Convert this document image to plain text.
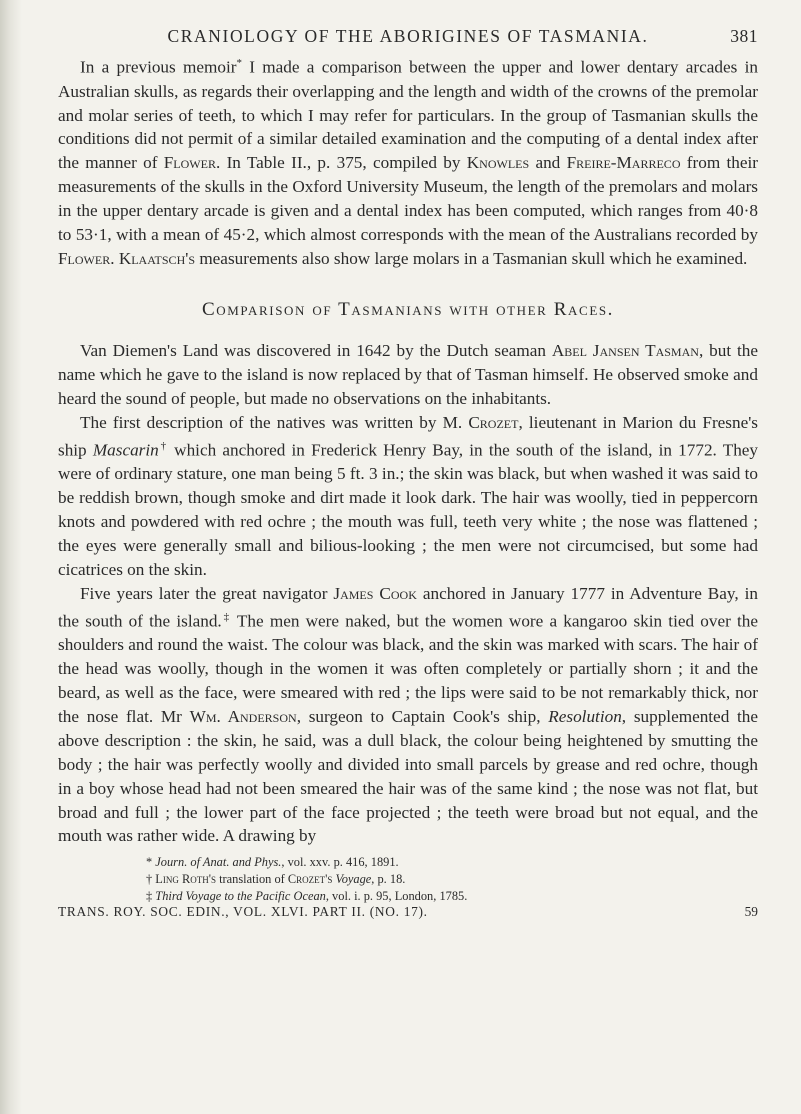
CRANIOLOGY OF THE ABORIGINES OF TASMANIA.	381

In a previous memoir* I made a comparison between the upper and lower dentary arcades in Australian skulls, as regards their overlapping and the length and width of the crowns of the premolar and molar series of teeth, to which I may refer for particulars. In the group of Tasmanian skulls the conditions did not permit of a similar detailed examination and the computing of a dental index after the manner of Flower. In Table II., p. 375, compiled by Knowles and Freire-Marreco from their measurements of the skulls in the Oxford University Museum, the length of the premolars and molars in the upper dentary arcade is given and a dental index has been computed, which ranges from 40·8 to 53·1, with a mean of 45·2, which almost corresponds with the mean of the Australians recorded by Flower. Klaatsch's measurements also show large molars in a Tasmanian skull which he examined.

Comparison of Tasmanians with other Races.

Van Diemen's Land was discovered in 1642 by the Dutch seaman Abel Jansen Tasman, but the name which he gave to the island is now replaced by that of Tasman himself. He observed smoke and heard the sound of people, but made no observations on the inhabitants.

The first description of the natives was written by M. Crozet, lieutenant in Marion du Fresne's ship Mascarin† which anchored in Frederick Henry Bay, in the south of the island, in 1772. They were of ordinary stature, one man being 5 ft. 3 in.; the skin was black, but when washed it was said to be reddish brown, though smoke and dirt made it look dark. The hair was woolly, tied in peppercorn knots and powdered with red ochre ; the mouth was full, teeth very white ; the nose was flattened ; the eyes were generally small and bilious-looking ; the men were not circumcised, but some had cicatrices on the skin.

Five years later the great navigator James Cook anchored in January 1777 in Adventure Bay, in the south of the island.‡ The men were naked, but the women wore a kangaroo skin tied over the shoulders and round the waist. The colour was black, and the skin was marked with scars. The hair of the head was woolly, though in the women it was often completely or partially shorn ; it and the beard, as well as the face, were smeared with red ; the lips were said to be not remarkably thick, nor the nose flat. Mr Wm. Anderson, surgeon to Captain Cook's ship, Resolution, supplemented the above description : the skin, he said, was a dull black, the colour being heightened by smutting the body ; the hair was perfectly woolly and divided into small parcels by grease and red ochre, though in a boy whose head had not been smeared the hair was of the same kind ; the nose was not flat, but broad and full ; the lower part of the face projected ; the teeth were broad but not equal, and the mouth was rather wide. A drawing by

* Journ. of Anat. and Phys., vol. xxv. p. 416, 1891.
† Ling Roth's translation of Crozet's Voyage, p. 18.
‡ Third Voyage to the Pacific Ocean, vol. i. p. 95, London, 1785.
TRANS. ROY. SOC. EDIN., VOL. XLVI. PART II. (NO. 17).	59
